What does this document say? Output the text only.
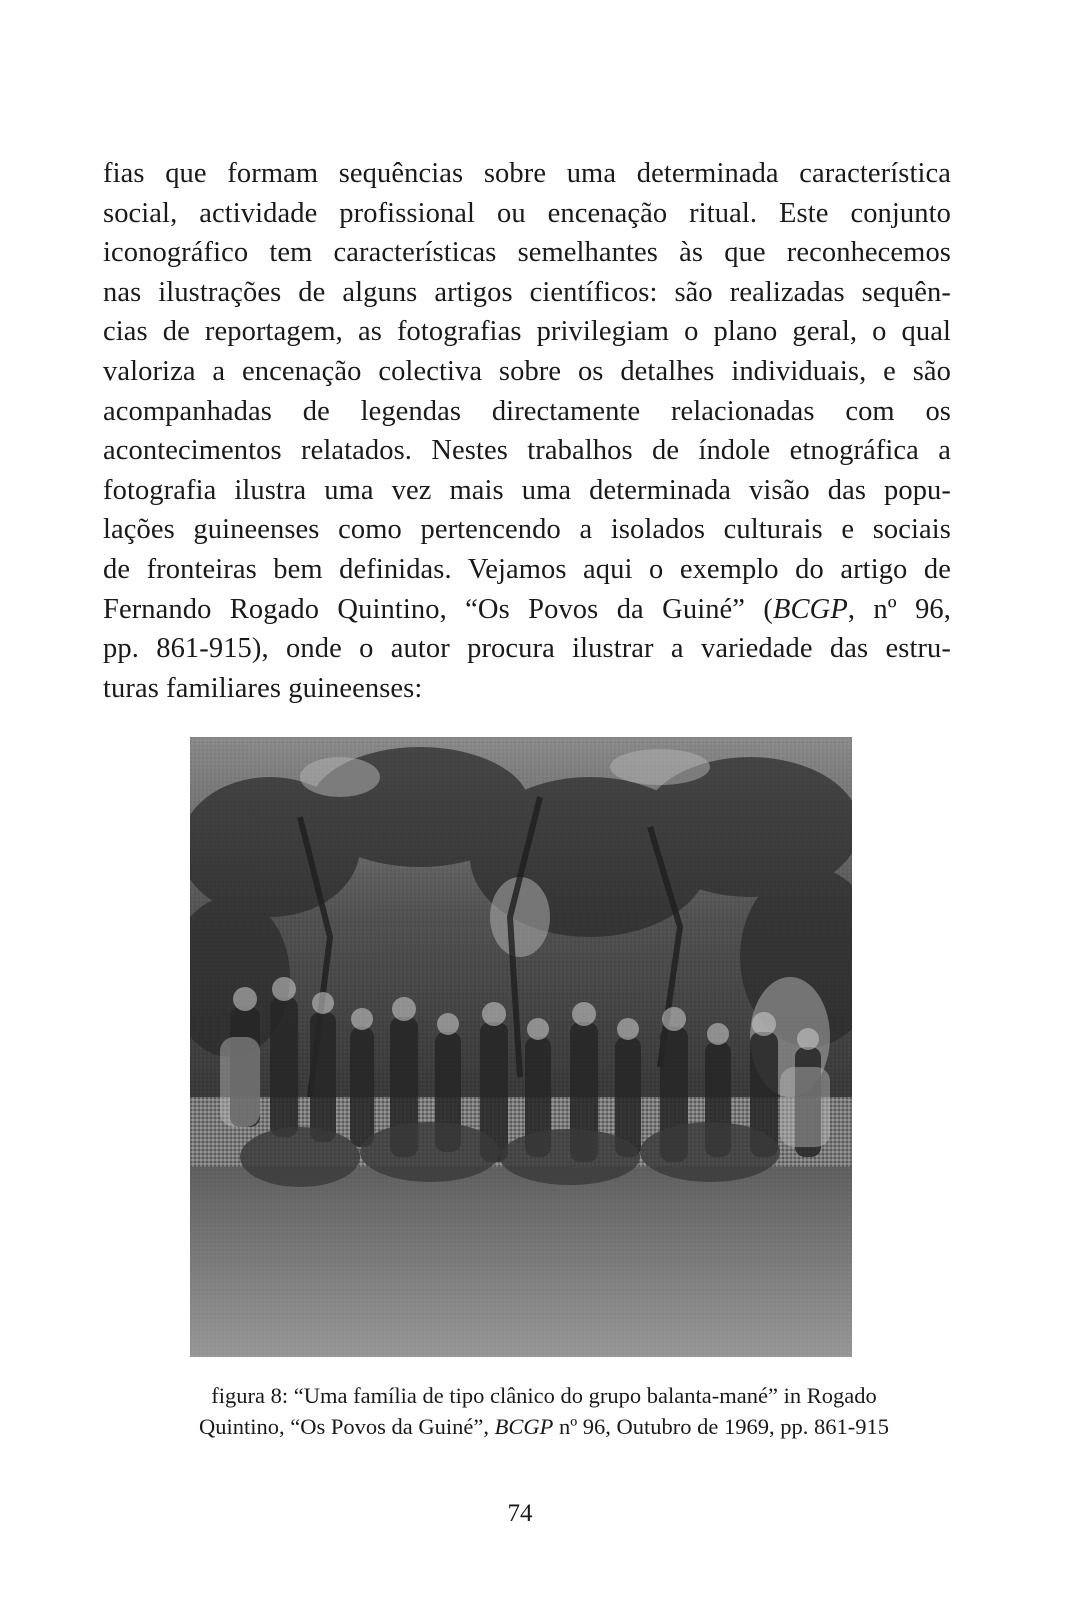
fias que formam sequências sobre uma determinada característica
social, actividade profissional ou encenação ritual. Este conjunto
iconográfico tem características semelhantes às que reconhecemos
nas ilustrações de alguns artigos científicos: são realizadas sequên-
cias de reportagem, as fotografias privilegiam o plano geral, o qual
valoriza a encenação colectiva sobre os detalhes individuais, e são
acompanhadas de legendas directamente relacionadas com os
acontecimentos relatados. Nestes trabalhos de índole etnográfica a
fotografia ilustra uma vez mais uma determinada visão das popu-
lações guineenses como pertencendo a isolados culturais e sociais
de fronteiras bem definidas. Vejamos aqui o exemplo do artigo de
Fernando Rogado Quintino, “Os Povos da Guiné” (BCGP, nº 96,
pp. 861-915), onde o autor procura ilustrar a variedade das estru-
turas familiares guineenses:

figura 8: “Uma família de tipo clânico do grupo balanta-mané” in Rogado
Quintino, “Os Povos da Guiné”, BCGP nº 96, Outubro de 1969, pp. 861-915

74
